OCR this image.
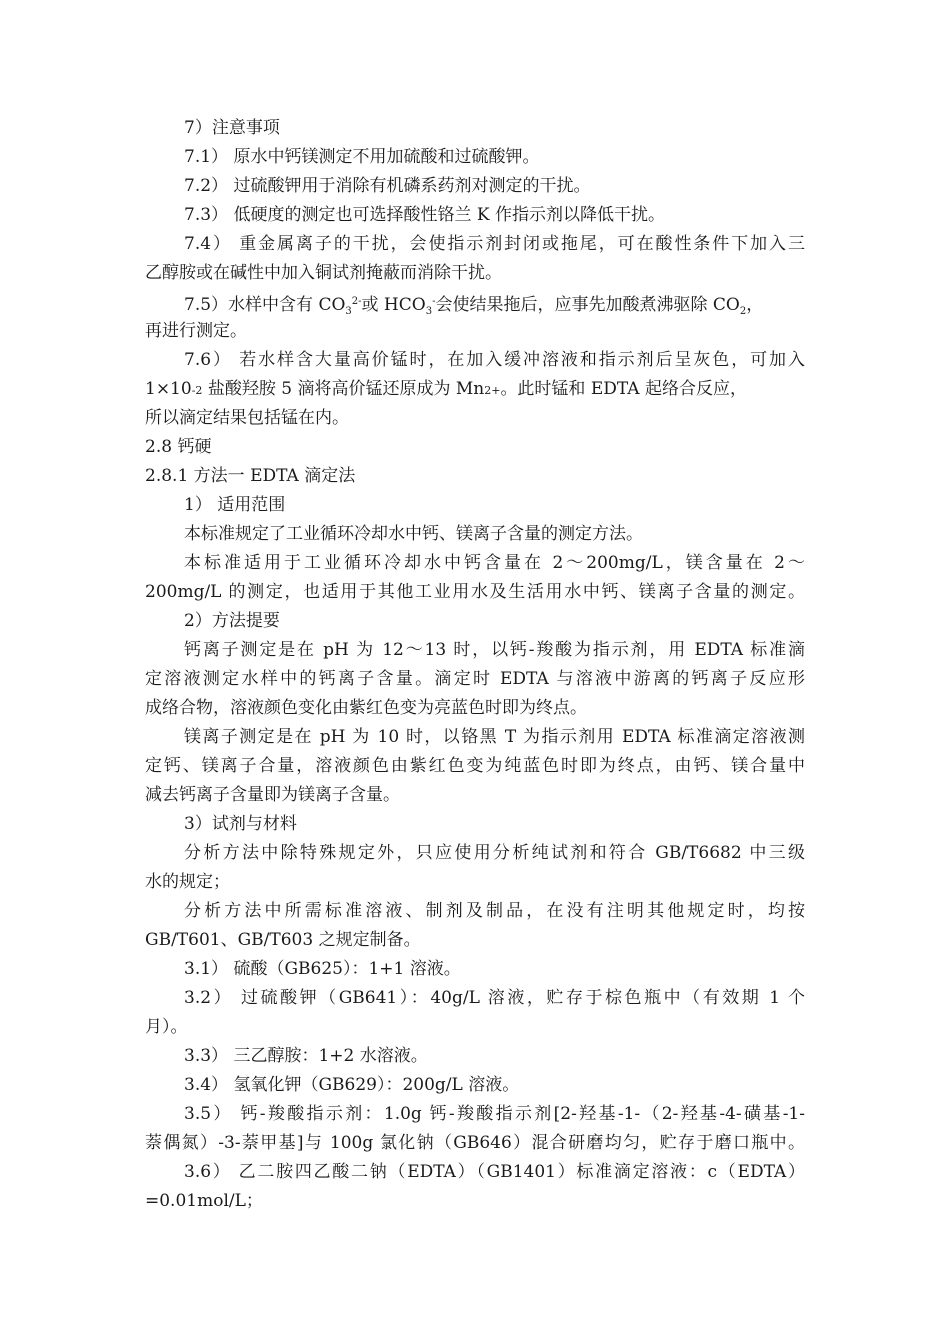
7）注意事项
7.1） 原水中钙镁测定不用加硫酸和过硫酸钾。
7.2） 过硫酸钾用于消除有机磷系药剂对测定的干扰。
7.3） 低硬度的测定也可选择酸性铬兰 K 作指示剂以降低干扰。
7.4） 重金属离子的干扰，会使指示剂封闭或拖尾，可在酸性条件下加入三
乙醇胺或在碱性中加入铜试剂掩蔽而消除干扰。
7.5）水样中含有 $CO_3^{2-}$或 $HCO_3^-$会使结果拖后，应事先加酸煮沸驱除 $CO_2$，
再进行测定。
7.6） 若水样含大量高价锰时，在加入缓冲溶液和指示剂后呈灰色，可加入
1×10-2 盐酸羟胺 5 滴将高价锰还原成为 Mn2+。此时锰和 EDTA 起络合反应，
所以滴定结果包括锰在内。
2.8 钙硬
2.8.1 方法一 EDTA 滴定法
1） 适用范围
本标准规定了工业循环冷却水中钙、镁离子含量的测定方法。
本标准适用于工业循环冷却水中钙含量在 2～200mg/L，镁含量在 2～
200mg/L 的测定，也适用于其他工业用水及生活用水中钙、镁离子含量的测定。
2）方法提要
钙离子测定是在 pH 为 12～13 时，以钙-羧酸为指示剂，用 EDTA 标准滴
定溶液测定水样中的钙离子含量。滴定时 EDTA 与溶液中游离的钙离子反应形
成络合物，溶液颜色变化由紫红色变为亮蓝色时即为终点。
镁离子测定是在 pH 为 10 时，以铬黑 T 为指示剂用 EDTA 标准滴定溶液测
定钙、镁离子合量，溶液颜色由紫红色变为纯蓝色时即为终点，由钙、镁合量中
减去钙离子含量即为镁离子含量。
3）试剂与材料
分析方法中除特殊规定外，只应使用分析纯试剂和符合 GB/T6682 中三级
水的规定；
分析方法中所需标准溶液、制剂及制品，在没有注明其他规定时，均按
GB/T601、GB/T603 之规定制备。
3.1） 硫酸（GB625）：1+1 溶液。
3.2） 过硫酸钾（GB641）：40g/L 溶液，贮存于棕色瓶中（有效期 1 个
月）。
3.3） 三乙醇胺：1+2 水溶液。
3.4） 氢氧化钾（GB629）：200g/L 溶液。
3.5） 钙-羧酸指示剂：1.0g 钙-羧酸指示剂[2-羟基-1-（2-羟基-4-磺基-1-
萘偶氮）-3-萘甲基]与 100g 氯化钠（GB646）混合研磨均匀，贮存于磨口瓶中。
3.6） 乙二胺四乙酸二钠（EDTA）（GB1401）标准滴定溶液：c（EDTA）
=0.01mol/L；
